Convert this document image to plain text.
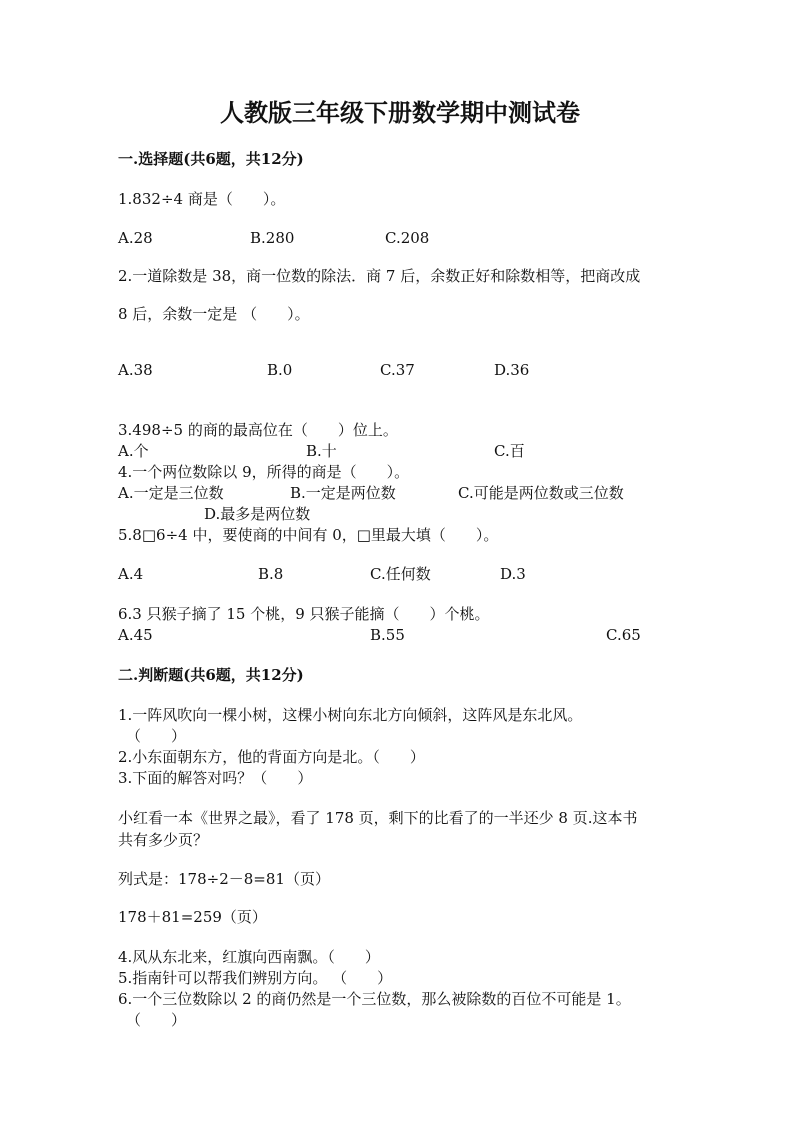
人教版三年级下册数学期中测试卷
一.选择题(共6题，共12分)
1.832÷4 商是（　　）。
A.28	B.280	C.208
2.一道除数是 38，商一位数的除法．商 7 后，余数正好和除数相等，把商改成
8 后，余数一定是 （　　）。
A.38	B.0	C.37	D.36
3.498÷5 的商的最高位在（　　）位上。
A.个	B.十	C.百
4.一个两位数除以 9，所得的商是（　　）。
A.一定是三位数	B.一定是两位数	C.可能是两位数或三位数
D.最多是两位数
5.8□6÷4 中，要使商的中间有 0，□里最大填（　　）。
A.4	B.8	C.任何数	D.3
6.3 只猴子摘了 15 个桃，9 只猴子能摘（　　）个桃。
A.45	B.55	C.65
二.判断题(共6题，共12分)
1.一阵风吹向一棵小树，这棵小树向东北方向倾斜，这阵风是东北风。
（　　）
2.小东面朝东方，他的背面方向是北。（　　）
3.下面的解答对吗？（　　）
小红看一本《世界之最》，看了 178 页，剩下的比看了的一半还少 8 页.这本书
共有多少页？
列式是：178÷2－8=81（页）
178＋81=259（页）
4.风从东北来，红旗向西南飘。（　　）
5.指南针可以帮我们辨别方向。 （　　）
6.一个三位数除以 2 的商仍然是一个三位数，那么被除数的百位不可能是 1。
（　　）
